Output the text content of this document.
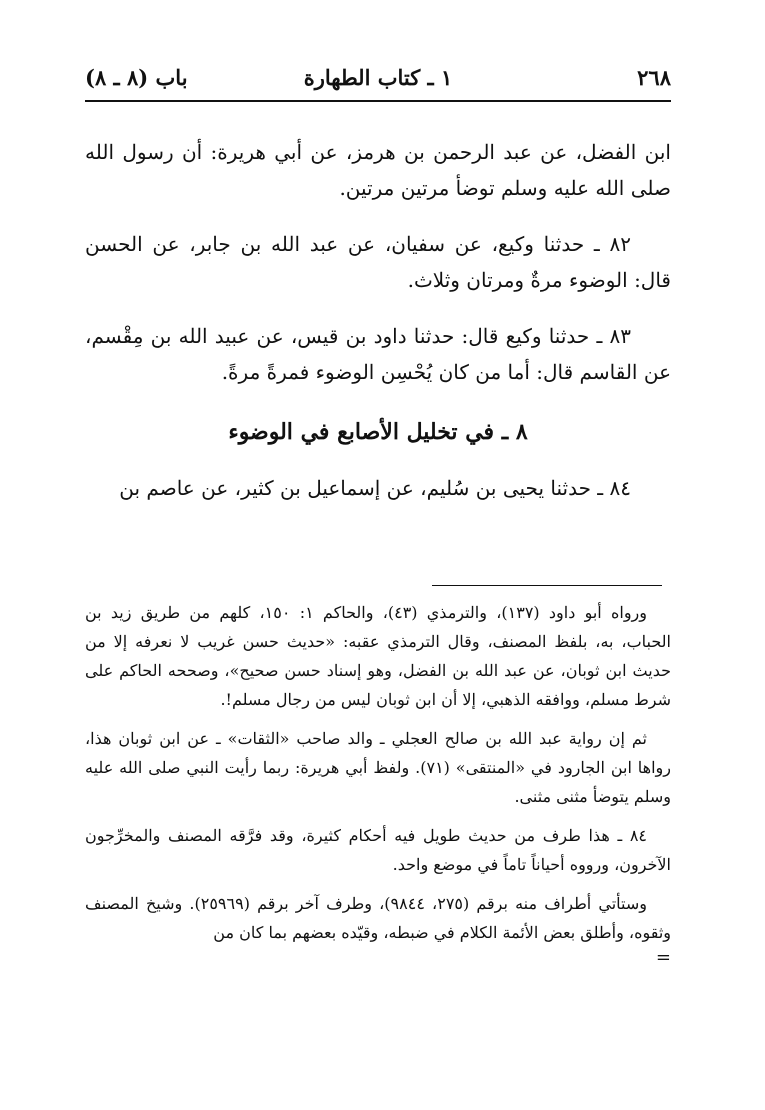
٢٦٨
١ ـ كتاب الطهارة
باب (٨ ـ ٨)

ابن الفضل، عن عبد الرحمن بن هرمز، عن أبي هريرة: أن رسول الله صلى الله عليه وسلم توضأ مرتين مرتين.

٨٢ ـ حدثنا وكيع، عن سفيان، عن عبد الله بن جابر، عن الحسن قال: الوضوء مرةٌ ومرتان وثلاث.

٨٣ ـ حدثنا وكيع قال: حدثنا داود بن قيس، عن عبيد الله بن مِقْسم، عن القاسم قال: أما من كان يُحْسِن الوضوء فمرةً مرةً.

٨ ـ في تخليل الأصابع في الوضوء

٨٤ ـ حدثنا يحيى بن سُليم، عن إسماعيل بن كثير، عن عاصم بن

ورواه أبو داود (١٣٧)، والترمذي (٤٣)، والحاكم ١: ١٥٠، كلهم من طريق زيد بن الحباب، به، بلفظ المصنف، وقال الترمذي عقبه: «حديث حسن غريب لا نعرفه إلا من حديث ابن ثوبان، عن عبد الله بن الفضل، وهو إسناد حسن صحيح»، وصححه الحاكم على شرط مسلم، ووافقه الذهبي، إلا أن ابن ثوبان ليس من رجال مسلم!.

ثم إن رواية عبد الله بن صالح العجلي ـ والد صاحب «الثقات» ـ عن ابن ثوبان هذا، رواها ابن الجارود في «المنتقى» (٧١). ولفظ أبي هريرة: ربما رأيت النبي صلى الله عليه وسلم يتوضأ مثنى مثنى.

٨٤ ـ هذا طرف من حديث طويل فيه أحكام كثيرة، وقد فرَّقه المصنف والمخرِّجون الآخرون، ورووه أحياناً تاماً في موضع واحد.

وستأتي أطراف منه برقم (٢٧٥، ٩٨٤٤)، وطرف آخر برقم (٢٥٩٦٩). وشيخ المصنف وثقوه، وأطلق بعض الأئمة الكلام في ضبطه، وقيّده بعضهم بما كان من

=
